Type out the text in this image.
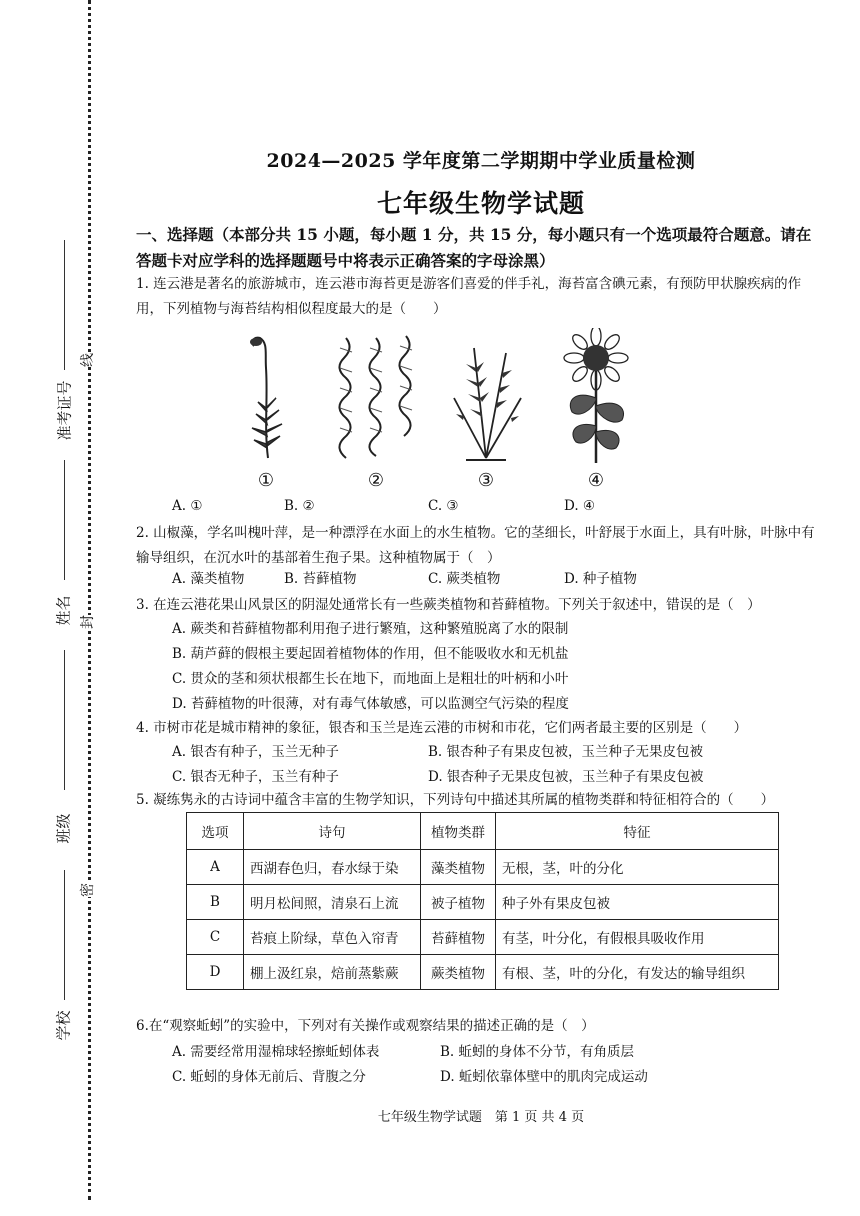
准考证号
姓名
班级
学校
线
封
密
2024—2025 学年度第二学期期中学业质量检测
七年级生物学试题
一、选择题（本部分共 15 小题，每小题 1 分，共 15 分，每小题只有一个选项最符合题意。请在答题卡对应学科的选择题题号中将表示正确答案的字母涂黑）
1. 连云港是著名的旅游城市，连云港市海苔更是游客们喜爱的伴手礼，海苔富含碘元素，有预防甲状腺疾病的作用，下列植物与海苔结构相似程度最大的是（　　）
①	②	③	④
A. ①	B. ②	C. ③	D. ④
2. 山椒藻，学名叫槐叶萍，是一种漂浮在水面上的水生植物。它的茎细长，叶舒展于水面上，具有叶脉，叶脉中有输导组织，在沉水叶的基部着生孢子果。这种植物属于（　）
A. 藻类植物	B. 苔藓植物	C. 蕨类植物	D. 种子植物
3. 在连云港花果山风景区的阴湿处通常长有一些蕨类植物和苔藓植物。下列关于叙述中，错误的是（　）
A. 蕨类和苔藓植物都利用孢子进行繁殖，这种繁殖脱离了水的限制
B. 葫芦藓的假根主要起固着植物体的作用，但不能吸收水和无机盐
C. 贯众的茎和须状根都生长在地下，而地面上是粗壮的叶柄和小叶
D. 苔藓植物的叶很薄，对有毒气体敏感，可以监测空气污染的程度
4. 市树市花是城市精神的象征，银杏和玉兰是连云港的市树和市花，它们两者最主要的区别是（　　）
A. 银杏有种子，玉兰无种子	B. 银杏种子有果皮包被，玉兰种子无果皮包被
C. 银杏无种子，玉兰有种子	D. 银杏种子无果皮包被，玉兰种子有果皮包被
5. 凝练隽永的古诗词中蕴含丰富的生物学知识，下列诗句中描述其所属的植物类群和特征相符合的（　　）
选项	诗句	植物类群	特征
A	西湖春色归，春水绿于染	藻类植物	无根，茎，叶的分化
B	明月松间照，清泉石上流	被子植物	种子外有果皮包被
C	苔痕上阶绿，草色入帘青	苔藓植物	有茎，叶分化，有假根具吸收作用
D	棚上汲红泉，焙前蒸紫蕨	蕨类植物	有根、茎，叶的分化，有发达的输导组织
6.在“观察蚯蚓”的实验中，下列对有关操作或观察结果的描述正确的是（　）
A. 需要经常用湿棉球轻擦蚯蚓体表	B. 蚯蚓的身体不分节，有角质层
C. 蚯蚓的身体无前后、背腹之分	D. 蚯蚓依靠体壁中的肌肉完成运动
七年级生物学试题　第 1 页 共 4 页
